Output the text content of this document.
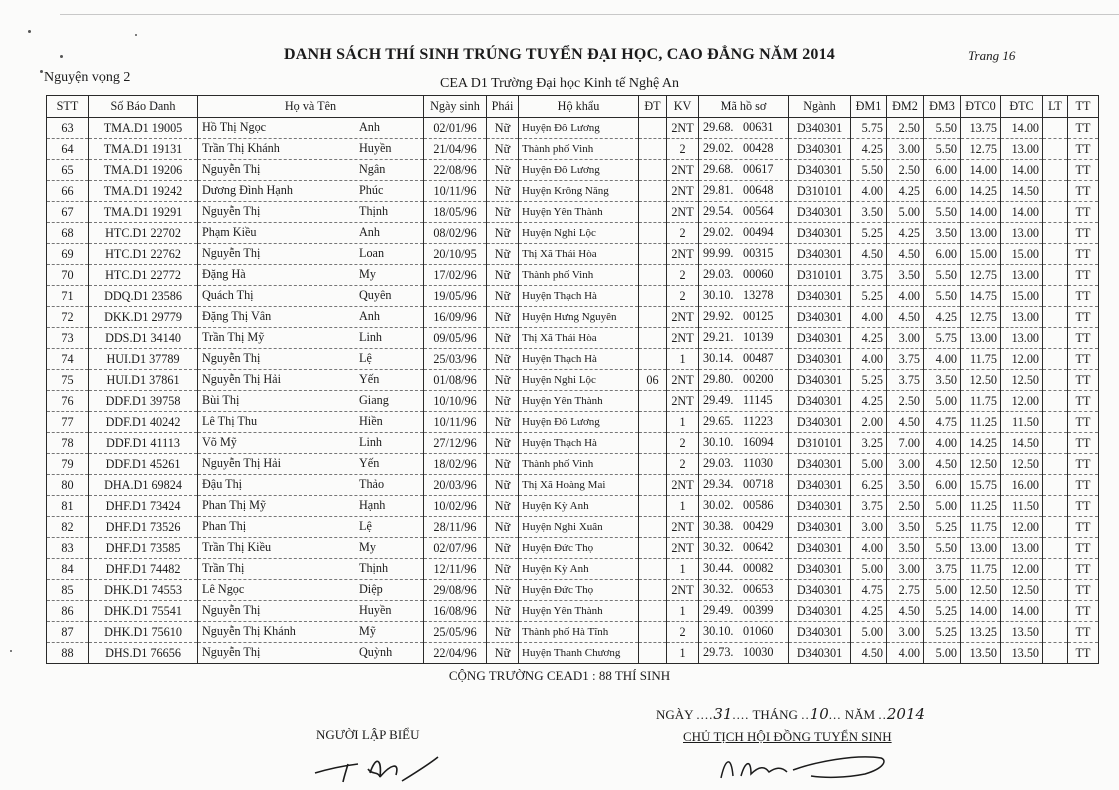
DANH SÁCH THÍ SINH TRÚNG TUYỂN ĐẠI HỌC, CAO ĐẲNG NĂM 2014	Trang 16
Nguyện vọng 2	CEA D1 Trường Đại học Kinh tế Nghệ An
STT	Số Báo Danh	Họ và Tên	Ngày sinh	Phái	Hộ khẩu	ĐT	KV	Mã hồ sơ	Ngành	ĐM1	ĐM2	ĐM3	ĐTC0	ĐTC	LT	TT
63	TMA.D1 19005	Hồ Thị Ngọc Anh	02/01/96	Nữ	Huyện Đô Lương		2NT	29.68. 00631	D340301	5.75	2.50	5.50	13.75	14.00		TT
64	TMA.D1 19131	Trần Thị Khánh Huyền	21/04/96	Nữ	Thành phố Vinh		2	29.02. 00428	D340301	4.25	3.00	5.50	12.75	13.00		TT
65	TMA.D1 19206	Nguyễn Thị Ngân	22/08/96	Nữ	Huyện Đô Lương		2NT	29.68. 00617	D340301	5.50	2.50	6.00	14.00	14.00		TT
66	TMA.D1 19242	Dương Đình Hạnh Phúc	10/11/96	Nữ	Huyện Krông Năng		2NT	29.81. 00648	D310101	4.00	4.25	6.00	14.25	14.50		TT
67	TMA.D1 19291	Nguyễn Thị Thịnh	18/05/96	Nữ	Huyện Yên Thành		2NT	29.54. 00564	D340301	3.50	5.00	5.50	14.00	14.00		TT
68	HTC.D1 22702	Phạm Kiều Anh	08/02/96	Nữ	Huyện Nghi Lộc		2	29.02. 00494	D340301	5.25	4.25	3.50	13.00	13.00		TT
69	HTC.D1 22762	Nguyễn Thị Loan	20/10/95	Nữ	Thị Xã Thái Hòa		2NT	99.99. 00315	D340301	4.50	4.50	6.00	15.00	15.00		TT
70	HTC.D1 22772	Đặng Hà My	17/02/96	Nữ	Thành phố Vinh		2	29.03. 00060	D310101	3.75	3.50	5.50	12.75	13.00		TT
71	DDQ.D1 23586	Quách Thị Quyên	19/05/96	Nữ	Huyện Thạch Hà		2	30.10. 13278	D340301	5.25	4.00	5.50	14.75	15.00		TT
72	DKK.D1 29779	Đặng Thị Vân Anh	16/09/96	Nữ	Huyện Hưng Nguyên		2NT	29.92. 00125	D340301	4.00	4.50	4.25	12.75	13.00		TT
73	DDS.D1 34140	Trần Thị Mỹ Linh	09/05/96	Nữ	Thị Xã Thái Hòa		2NT	29.21. 10139	D340301	4.25	3.00	5.75	13.00	13.00		TT
74	HUI.D1 37789	Nguyễn Thị Lệ	25/03/96	Nữ	Huyện Thạch Hà		1	30.14. 00487	D340301	4.00	3.75	4.00	11.75	12.00		TT
75	HUI.D1 37861	Nguyễn Thị Hải Yến	01/08/96	Nữ	Huyện Nghi Lộc	06	2NT	29.80. 00200	D340301	5.25	3.75	3.50	12.50	12.50		TT
76	DDF.D1 39758	Bùi Thị Giang	10/10/96	Nữ	Huyện Yên Thành		2NT	29.49. 11145	D340301	4.25	2.50	5.00	11.75	12.00		TT
77	DDF.D1 40242	Lê Thị Thu Hiền	10/11/96	Nữ	Huyện Đô Lương		1	29.65. 11223	D340301	2.00	4.50	4.75	11.25	11.50		TT
78	DDF.D1 41113	Võ Mỹ Linh	27/12/96	Nữ	Huyện Thạch Hà		2	30.10. 16094	D310101	3.25	7.00	4.00	14.25	14.50		TT
79	DDF.D1 45261	Nguyễn Thị Hải Yến	18/02/96	Nữ	Thành phố Vinh		2	29.03. 11030	D340301	5.00	3.00	4.50	12.50	12.50		TT
80	DHA.D1 69824	Đậu Thị Thảo	20/03/96	Nữ	Thị Xã Hoàng Mai		2NT	29.34. 00718	D340301	6.25	3.50	6.00	15.75	16.00		TT
81	DHF.D1 73424	Phan Thị Mỹ Hạnh	10/02/96	Nữ	Huyện Kỳ Anh		1	30.02. 00586	D340301	3.75	2.50	5.00	11.25	11.50		TT
82	DHF.D1 73526	Phan Thị Lệ	28/11/96	Nữ	Huyện Nghi Xuân		2NT	30.38. 00429	D340301	3.00	3.50	5.25	11.75	12.00		TT
83	DHF.D1 73585	Trần Thị Kiều My	02/07/96	Nữ	Huyện Đức Thọ		2NT	30.32. 00642	D340301	4.00	3.50	5.50	13.00	13.00		TT
84	DHF.D1 74482	Trần Thị Thịnh	12/11/96	Nữ	Huyện Kỳ Anh		1	30.44. 00082	D340301	5.00	3.00	3.75	11.75	12.00		TT
85	DHK.D1 74553	Lê Ngọc Diệp	29/08/96	Nữ	Huyện Đức Thọ		2NT	30.32. 00653	D340301	4.75	2.75	5.00	12.50	12.50		TT
86	DHK.D1 75541	Nguyễn Thị Huyền	16/08/96	Nữ	Huyện Yên Thành		1	29.49. 00399	D340301	4.25	4.50	5.25	14.00	14.00		TT
87	DHK.D1 75610	Nguyễn Thị Khánh Mỹ	25/05/96	Nữ	Thành phố Hà Tĩnh		2	30.10. 01060	D340301	5.00	3.00	5.25	13.25	13.50		TT
88	DHS.D1 76656	Nguyễn Thị Quỳnh	22/04/96	Nữ	Huyện Thanh Chương		1	29.73. 10030	D340301	4.50	4.00	5.00	13.50	13.50		TT
CỘNG TRƯỜNG CEAD1 : 88 THÍ SINH
NGÀY ....31.... THÁNG ..10... NĂM ..2014
CHỦ TỊCH HỘI ĐỒNG TUYỂN SINH
NGƯỜI LẬP BIỂU
